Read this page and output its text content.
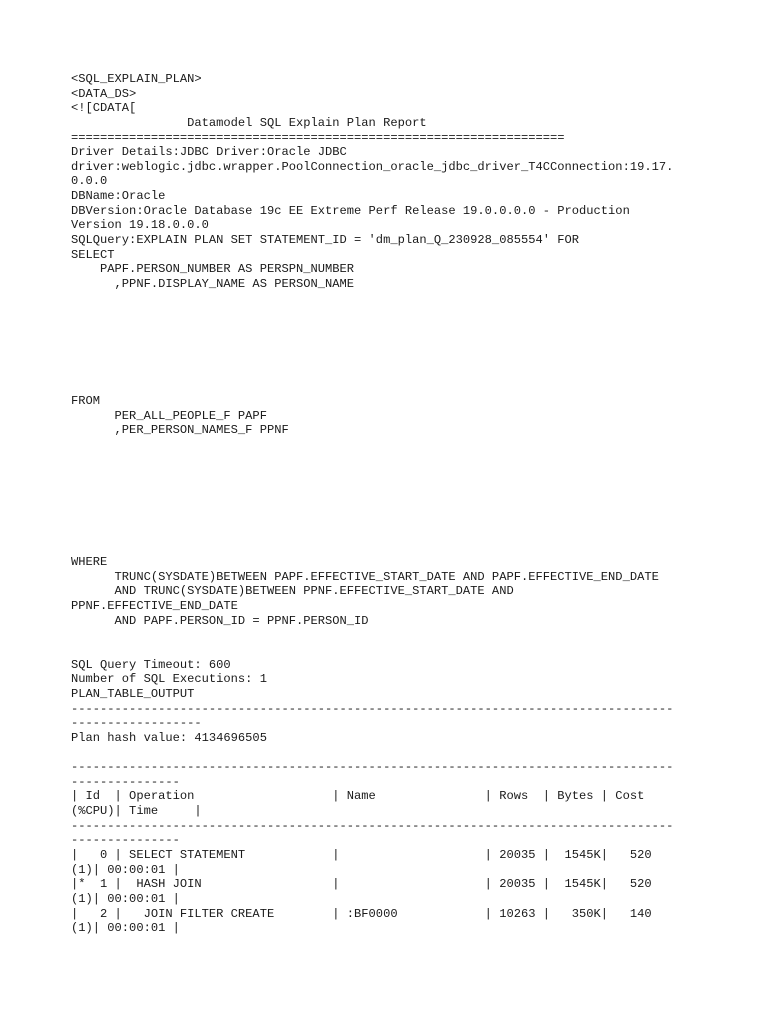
<SQL_EXPLAIN_PLAN>
<DATA_DS>
<![CDATA[
Datamodel SQL Explain Plan Report
====================================================================
Driver Details:JDBC Driver:Oracle JDBC
driver:weblogic.jdbc.wrapper.PoolConnection_oracle_jdbc_driver_T4CConnection:19.17.
0.0.0
DBName:Oracle
DBVersion:Oracle Database 19c EE Extreme Perf Release 19.0.0.0.0 - Production
Version 19.18.0.0.0
SQLQuery:EXPLAIN PLAN SET STATEMENT_ID = 'dm_plan_Q_230928_085554' FOR
SELECT
PAPF.PERSON_NUMBER AS PERSPN_NUMBER
,PPNF.DISPLAY_NAME AS PERSON_NAME
FROM
PER_ALL_PEOPLE_F PAPF
,PER_PERSON_NAMES_F PPNF
WHERE
TRUNC(SYSDATE)BETWEEN PAPF.EFFECTIVE_START_DATE AND PAPF.EFFECTIVE_END_DATE
AND TRUNC(SYSDATE)BETWEEN PPNF.EFFECTIVE_START_DATE AND
PPNF.EFFECTIVE_END_DATE
AND PAPF.PERSON_ID = PPNF.PERSON_ID
SQL Query Timeout: 600
Number of SQL Executions: 1
PLAN_TABLE_OUTPUT
-----------------------------------------------------------------------------------
------------------
Plan hash value: 4134696505
-----------------------------------------------------------------------------------
---------------
| Id  | Operation                   | Name               | Rows  | Bytes | Cost
(%CPU)| Time     |
-----------------------------------------------------------------------------------
---------------
|   0 | SELECT STATEMENT            |                    | 20035 |  1545K|   520
(1)| 00:00:01 |
|*  1 |  HASH JOIN                  |                    | 20035 |  1545K|   520
(1)| 00:00:01 |
|   2 |   JOIN FILTER CREATE        | :BF0000            | 10263 |   350K|   140
(1)| 00:00:01 |
